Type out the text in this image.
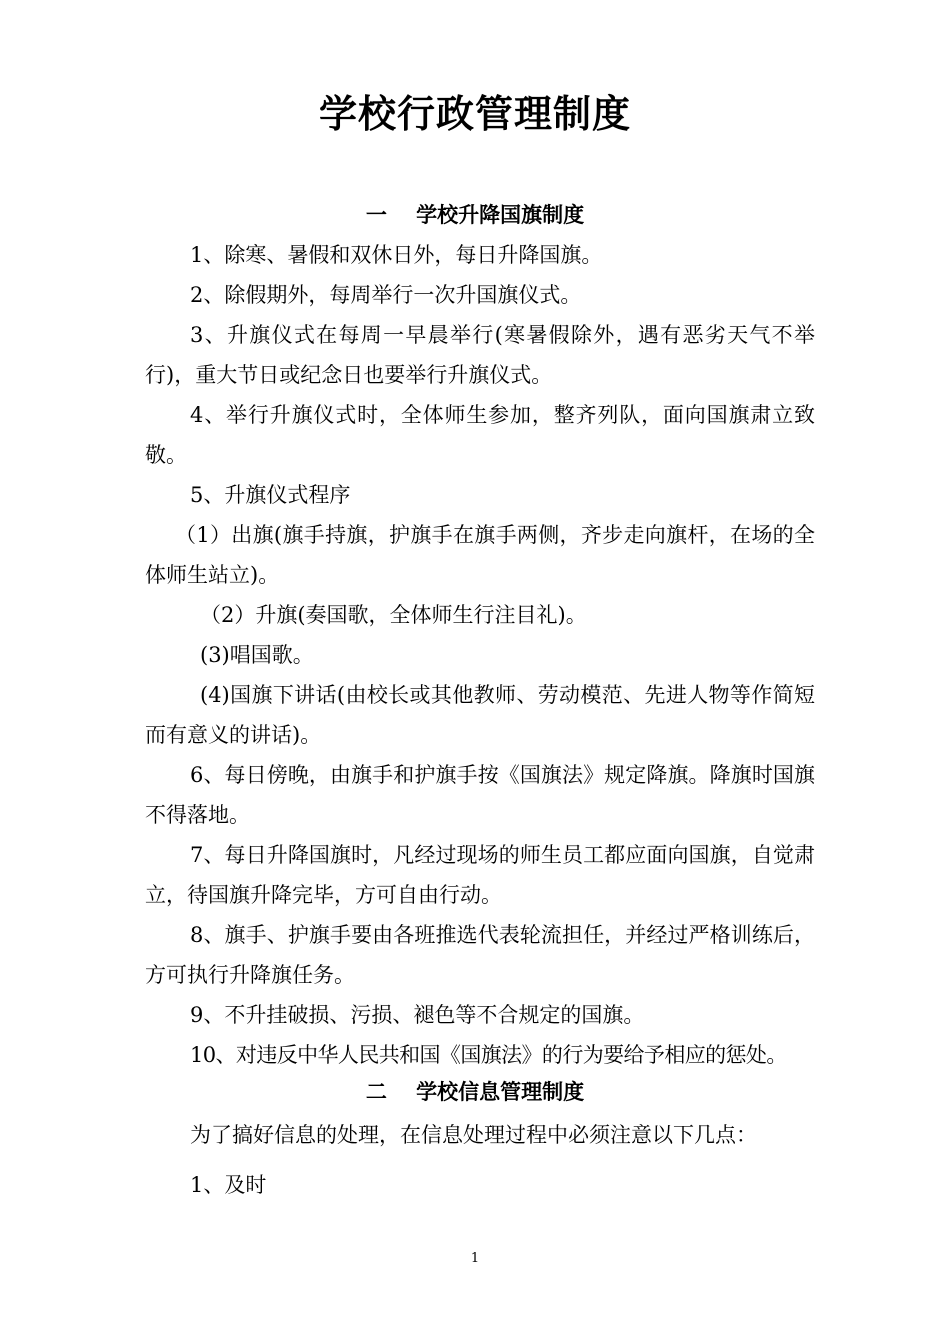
学校行政管理制度
一    学校升降国旗制度

1、除寒、暑假和双休日外，每日升降国旗。

2、除假期外，每周举行一次升国旗仪式。

3、升旗仪式在每周一早晨举行(寒暑假除外，遇有恶劣天气不举行)，重大节日或纪念日也要举行升旗仪式。

4、举行升旗仪式时，全体师生参加，整齐列队，面向国旗肃立致敬。

5、升旗仪式程序

（1）出旗(旗手持旗，护旗手在旗手两侧，齐步走向旗杆，在场的全体师生站立)。

（2）升旗(奏国歌，全体师生行注目礼)。

(3)唱国歌。

(4)国旗下讲话(由校长或其他教师、劳动模范、先进人物等作简短而有意义的讲话)。

6、每日傍晚，由旗手和护旗手按《国旗法》规定降旗。降旗时国旗不得落地。

7、每日升降国旗时，凡经过现场的师生员工都应面向国旗，自觉肃立，待国旗升降完毕，方可自由行动。

8、旗手、护旗手要由各班推选代表轮流担任，并经过严格训练后，方可执行升降旗任务。

9、不升挂破损、污损、褪色等不合规定的国旗。

10、对违反中华人民共和国《国旗法》的行为要给予相应的惩处。

二    学校信息管理制度

为了搞好信息的处理，在信息处理过程中必须注意以下几点：

1、及时

1
